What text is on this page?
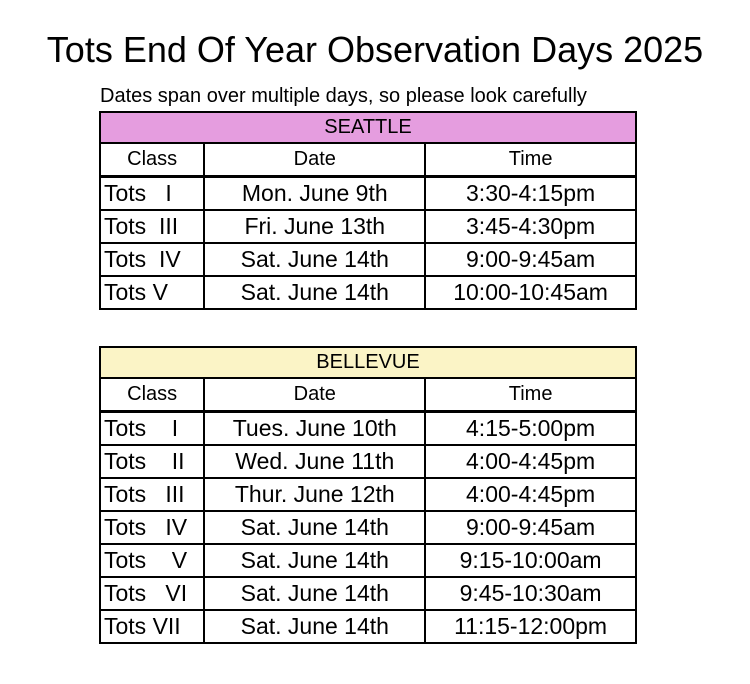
Tots End Of Year Observation Days 2025
Dates span over multiple days, so please look carefully
SEATTLE		
Class	Date	Time
Tots   I	Mon. June 9th	3:30-4:15pm
Tots  III	Fri. June 13th	3:45-4:30pm
Tots  IV	Sat. June 14th	9:00-9:45am
Tots V	Sat. June 14th	10:00-10:45am
BELLEVUE		
Class	Date	Time
Tots    I	Tues. June 10th	4:15-5:00pm
Tots    II	Wed. June 11th	4:00-4:45pm
Tots   III	Thur. June 12th	4:00-4:45pm
Tots   IV	Sat. June 14th	9:00-9:45am
Tots    V	Sat. June 14th	9:15-10:00am
Tots   VI	Sat. June 14th	9:45-10:30am
Tots VII	Sat. June 14th	11:15-12:00pm
